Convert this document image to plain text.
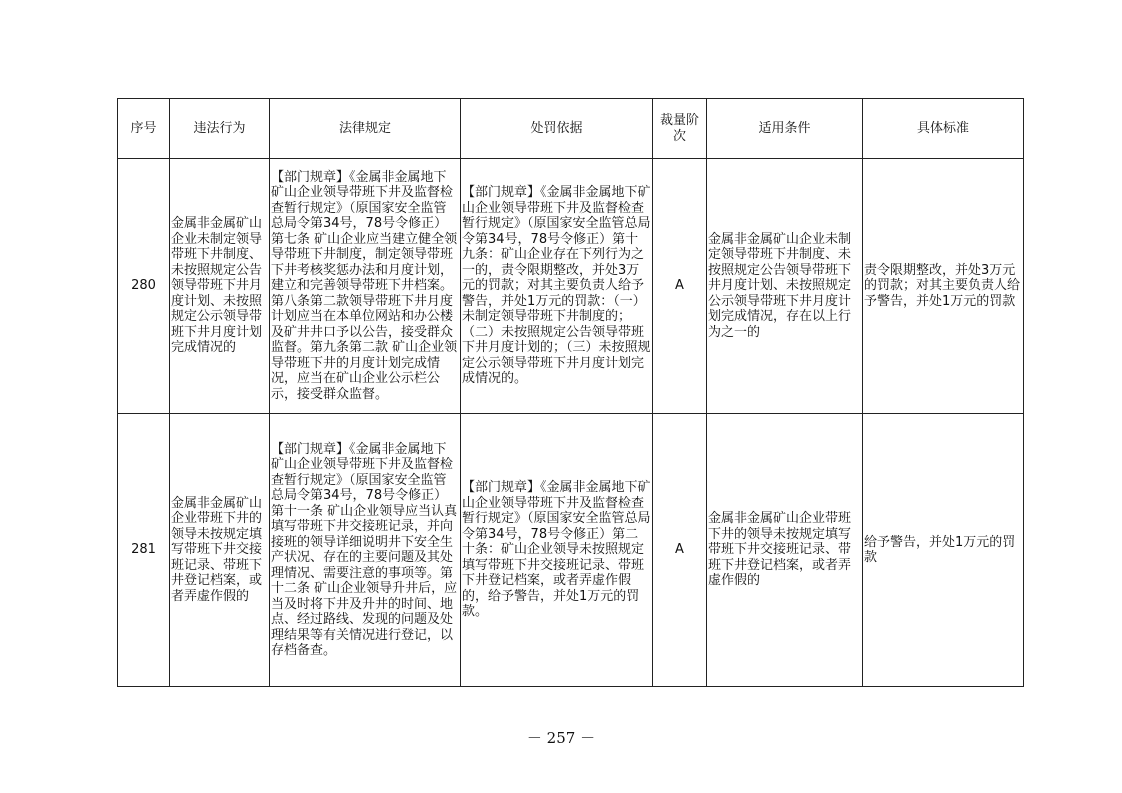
序号	违法行为	法律规定	处罚依据	裁量阶次	适用条件	具体标准
280	金属非金属矿山企业未制定领导带班下井制度、未按照规定公告领导带班下井月度计划、未按照规定公示领导带班下井月度计划完成情况的	【部门规章】《金属非金属地下矿山企业领导带班下井及监督检查暂行规定》（原国家安全监管总局令第34号，78号令修正）第七条 矿山企业应当建立健全领导带班下井制度，制定领导带班下井考核奖惩办法和月度计划，建立和完善领导带班下井档案。第八条第二款领导带班下井月度计划应当在本单位网站和办公楼及矿井井口予以公告，接受群众监督。第九条第二款 矿山企业领导带班下井的月度计划完成情况，应当在矿山企业公示栏公示，接受群众监督。	【部门规章】《金属非金属地下矿山企业领导带班下井及监督检查暂行规定》（原国家安全监管总局令第34号，78号令修正）第十九条：矿山企业存在下列行为之一的，责令限期整改，并处3万元的罚款；对其主要负责人给予警告，并处1万元的罚款：（一）未制定领导带班下井制度的；（二）未按照规定公告领导带班下井月度计划的；（三）未按照规定公示领导带班下井月度计划完成情况的。	A	金属非金属矿山企业未制定领导带班下井制度、未按照规定公告领导带班下井月度计划、未按照规定公示领导带班下井月度计划完成情况，存在以上行为之一的	责令限期整改，并处3万元的罚款；对其主要负责人给予警告，并处1万元的罚款
281	金属非金属矿山企业带班下井的领导未按规定填写带班下井交接班记录、带班下井登记档案，或者弄虚作假的	【部门规章】《金属非金属地下矿山企业领导带班下井及监督检查暂行规定》（原国家安全监管总局令第34号，78号令修正）第十一条 矿山企业领导应当认真填写带班下井交接班记录，并向接班的领导详细说明井下安全生产状况、存在的主要问题及其处理情况、需要注意的事项等。第十二条 矿山企业领导升井后，应当及时将下井及升井的时间、地点、经过路线、发现的问题及处理结果等有关情况进行登记，以存档备查。	【部门规章】《金属非金属地下矿山企业领导带班下井及监督检查暂行规定》（原国家安全监管总局令第34号，78号令修正）第二十条：矿山企业领导未按照规定填写带班下井交接班记录、带班下井登记档案，或者弄虚作假的，给予警告，并处1万元的罚款。	A	金属非金属矿山企业带班下井的领导未按规定填写带班下井交接班记录、带班下井登记档案，或者弄虚作假的	给予警告，并处1万元的罚款
－ 257 －
